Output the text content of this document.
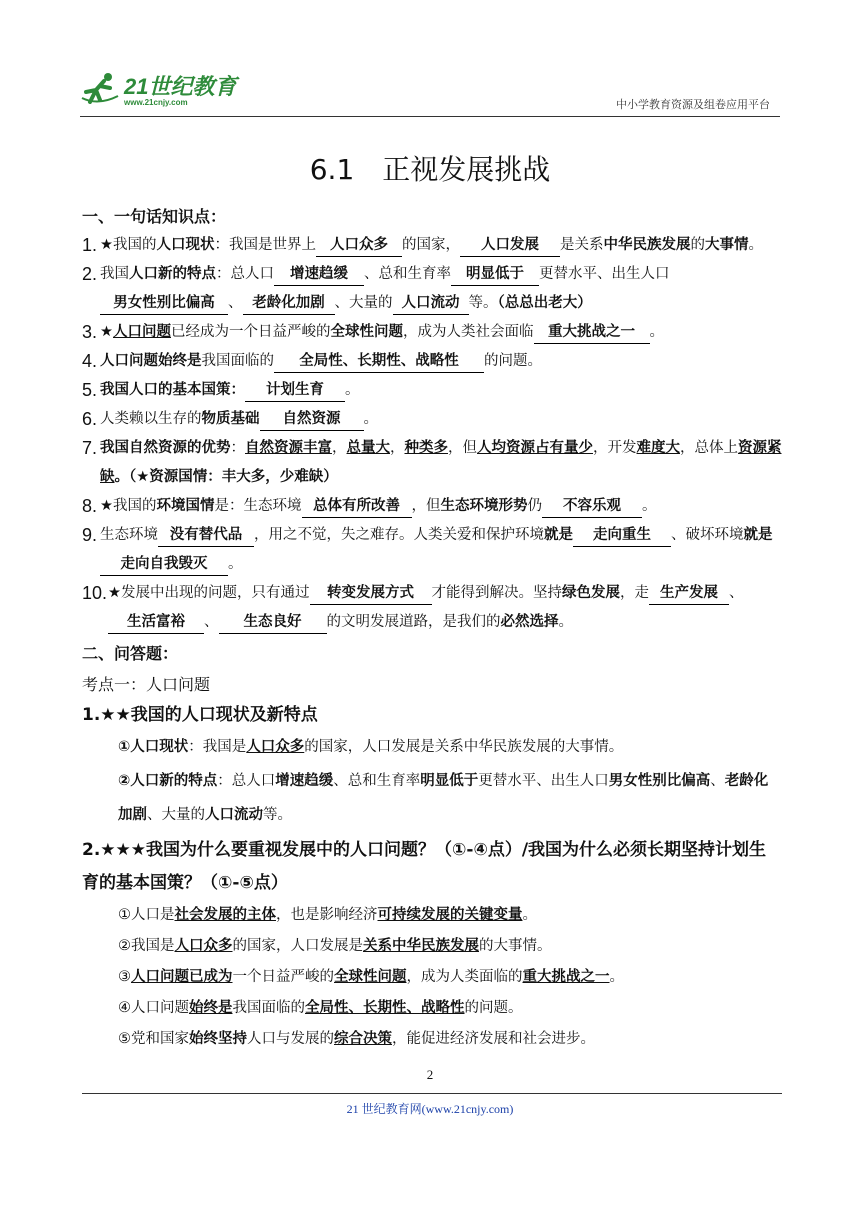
21世纪教育
www.21cnjy.com	中小学教育资源及组卷应用平台
6.1　正视发展挑战
一、一句话知识点：
1. ★我国的人口现状：我国是世界上 人口众多 的国家， 人口发展 是关系中华民族发展的大事情。
2. 我国人口新的特点：总人口 增速趋缓 、总和生育率 明显低于 更替水平、出生人口男女性别比偏高 、 老龄化加剧 、大量的 人口流动 等。（总总出老大）
3. ★人口问题已经成为一个日益严峻的全球性问题，成为人类社会面临 重大挑战之一 。
4. 人口问题始终是我国面临的 全局性、长期性、战略性 的问题。
5. 我国人口的基本国策： 计划生育 。
6. 人类赖以生存的物质基础 自然资源 。
7. 我国自然资源的优势：自然资源丰富，总量大，种类多，但人均资源占有量少，开发难度大，总体上资源紧缺。（★资源国情：丰大多，少难缺）
8. ★我国的环境国情是：生态环境 总体有所改善 ，但生态环境形势仍 不容乐观 。
9. 生态环境 没有替代品 ，用之不觉，失之难存。人类关爱和保护环境就是 走向重生 、破坏环境就是走向自我毁灭 。
10. ★发展中出现的问题，只有通过 转变发展方式 才能得到解决。坚持绿色发展，走 生产发展 、生活富裕 、 生态良好 的文明发展道路，是我们的必然选择。
二、问答题：
考点一：人口问题
1.★★我国的人口现状及新特点
①人口现状：我国是人口众多的国家，人口发展是关系中华民族发展的大事情。
②人口新的特点：总人口增速趋缓、总和生育率明显低于更替水平、出生人口男女性别比偏高、老龄化加剧、大量的人口流动等。
2.★★★我国为什么要重视发展中的人口问题？（①-④点）/我国为什么必须长期坚持计划生育的基本国策？（①-⑤点）
①人口是社会发展的主体，也是影响经济可持续发展的关键变量。
②我国是人口众多的国家，人口发展是关系中华民族发展的大事情。
③人口问题已成为一个日益严峻的全球性问题，成为人类面临的重大挑战之一。
④人口问题始终是我国面临的全局性、长期性、战略性的问题。
⑤党和国家始终坚持人口与发展的综合决策，能促进经济发展和社会进步。
2
21 世纪教育网(www.21cnjy.com)
